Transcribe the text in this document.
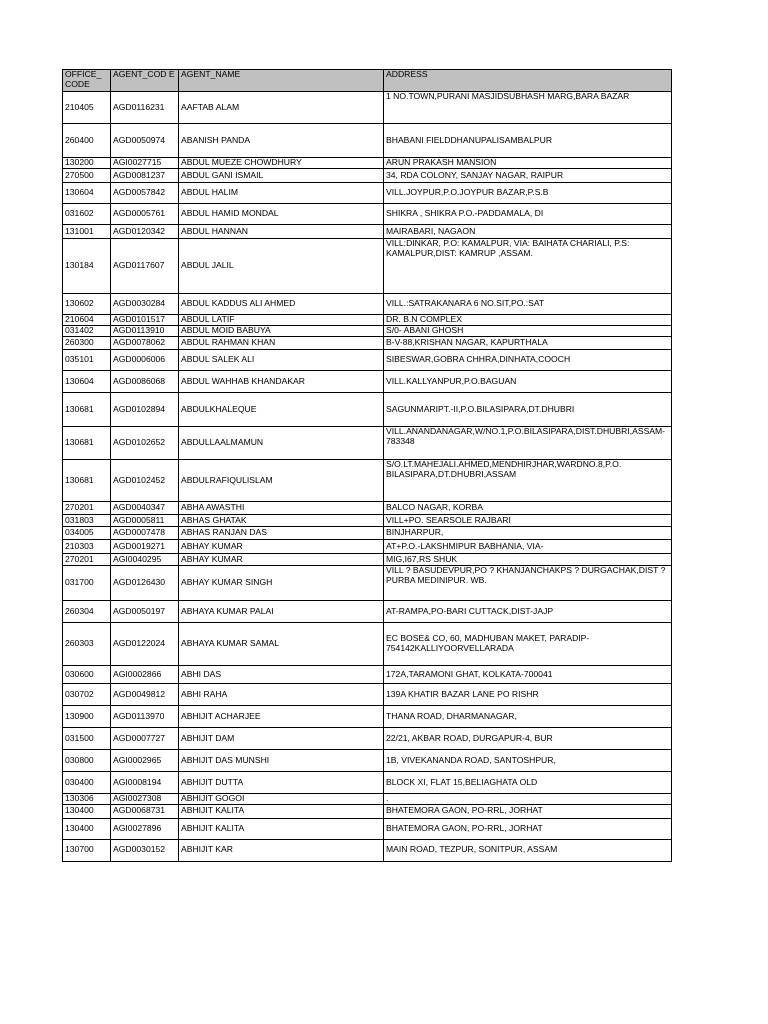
OFFICE_ CODE	AGENT_COD E	AGENT_NAME	ADDRESS
210405	AGD0116231	AAFTAB ALAM	1 NO.TOWN,PURANI MASJIDSUBHASH MARG,BARA BAZAR
260400	AGD0050974	ABANISH PANDA	BHABANI FIELDDHANUPALISAMBALPUR
130200	AGI0027715	ABDUL MUEZE CHOWDHURY	ARUN PRAKASH MANSION
270500	AGD0081237	ABDUL GANI ISMAIL	34, RDA COLONY, SANJAY NAGAR, RAIPUR
130604	AGD0057842	ABDUL HALIM	VILL.JOYPUR,P.O.JOYPUR BAZAR,P.S.B
031602	AGD0005761	ABDUL HAMID MONDAL	SHIKRA , SHIKRA P.O.-PADDAMALA, DI
131001	AGD0120342	ABDUL HANNAN	MAIRABARI, NAGAON
130184	AGD0117607	ABDUL JALIL	VILL:DINKAR, P.O: KAMALPUR, VIA: BAIHATA CHARIALI, P.S: KAMALPUR,DIST: KAMRUP ,ASSAM.
130602	AGD0030284	ABDUL KADDUS ALI AHMED	VILL.:SATRAKANARA 6 NO.SIT,PO.:SAT
210604	AGD0101517	ABDUL LATIF	DR. B.N COMPLEX
031402	AGD0113910	ABDUL MOID BABUYA	S/0- ABANI GHOSH
260300	AGD0078062	ABDUL RAHMAN KHAN	B-V-88,KRISHAN NAGAR, KAPURTHALA
035101	AGD0006006	ABDUL SALEK ALI	SIBESWAR,GOBRA CHHRA,DINHATA,COOCH
130604	AGD0086068	ABDUL WAHHAB KHANDAKAR	VILL.KALLYANPUR,P.O.BAGUAN
130681	AGD0102894	ABDULKHALEQUE	SAGUNMARIPT.-II,P.O.BILASIPARA,DT.DHUBRI
130681	AGD0102652	ABDULLAALMAMUN	VILL.ANANDANAGAR,W/NO.1,P.O.BILASIPARA,DIST.DHUBRI,ASSAM-783348
130681	AGD0102452	ABDULRAFIQULISLAM	S/O.LT.MAHEJALI.AHMED,MENDHIRJHAR,WARDNO.8,P.O. BILASIPARA,DT.DHUBRI,ASSAM
270201	AGD0040347	ABHA AWASTHI	BALCO NAGAR, KORBA
031803	AGD0005811	ABHAS GHATAK	VILL+PO. SEARSOLE RAJBARI
034005	AGD0007478	ABHAS RANJAN DAS	BINJHARPUR,
210303	AGD0019271	ABHAY KUMAR	AT+P.O.-LAKSHMIPUR BABHANIA, VIA-
270201	AGI0040295	ABHAY KUMAR	MIG,I67,RS SHUK
031700	AGD0126430	ABHAY KUMAR SINGH	VILL ? BASUDEVPUR,PO ? KHANJANCHAKPS ? DURGACHAK,DIST ? PURBA MEDINIPUR. WB.
260304	AGD0050197	ABHAYA KUMAR PALAI	AT-RAMPA,PO-BARI CUTTACK,DIST-JAJP
260303	AGD0122024	ABHAYA KUMAR SAMAL	EC BOSE& CO, 60, MADHUBAN MAKET, PARADIP-754142KALLIYOORVELLARADA
030600	AGI0002866	ABHI DAS	172A,TARAMONI GHAT, KOLKATA-700041
030702	AGD0049812	ABHI RAHA	139A KHATIR BAZAR LANE PO RISHR
130900	AGD0113970	ABHIJIT ACHARJEE	THANA ROAD, DHARMANAGAR,
031500	AGD0007727	ABHIJIT DAM	22/21, AKBAR ROAD, DURGAPUR-4, BUR
030800	AGI0002965	ABHIJIT DAS MUNSHI	1B, VIVEKANANDA ROAD, SANTOSHPUR,
030400	AGI0008194	ABHIJIT DUTTA	BLOCK XI, FLAT 15,BELIAGHATA OLD
130306	AGI0027308	ABHIJIT GOGOI	.
130400	AGD0068731	ABHIJIT KALITA	BHATEMORA GAON, PO-RRL, JORHAT
130400	AGI0027896	ABHIJIT KALITA	BHATEMORA GAON, PO-RRL, JORHAT
130700	AGD0030152	ABHIJIT KAR	MAIN ROAD, TEZPUR, SONITPUR, ASSAM
